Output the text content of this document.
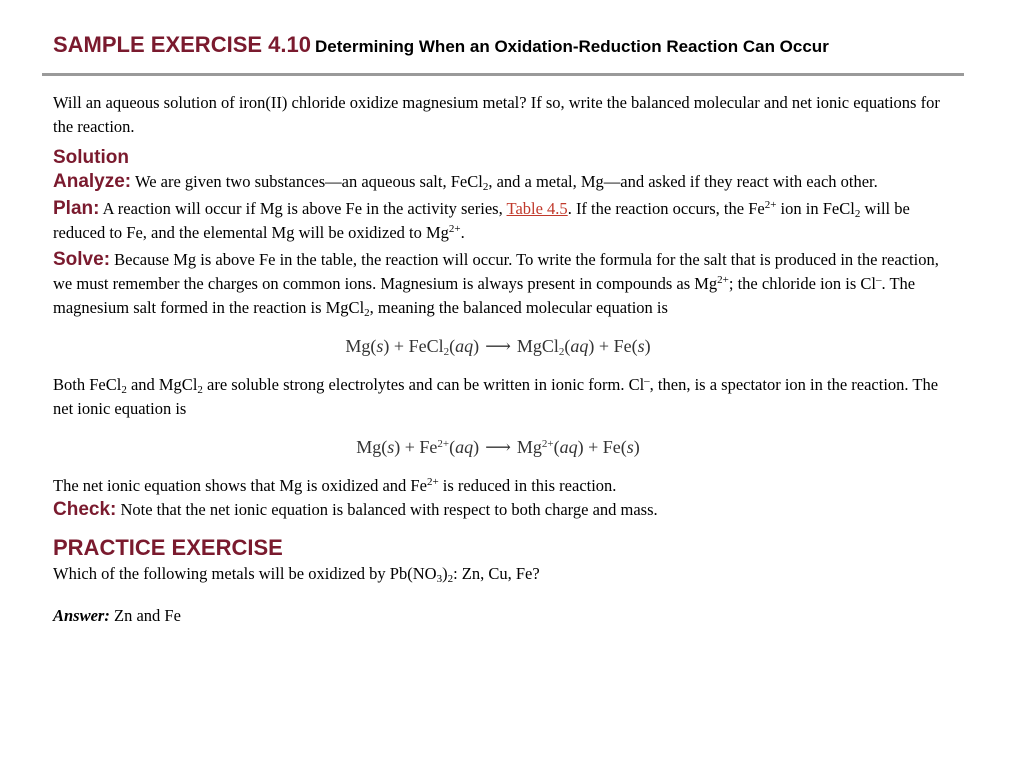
SAMPLE EXERCISE 4.10 Determining When an Oxidation-Reduction Reaction Can Occur

Will an aqueous solution of iron(II) chloride oxidize magnesium metal? If so, write the balanced molecular and net ionic equations for the reaction.

Solution

Analyze: We are given two substances—an aqueous salt, FeCl$_2$, and a metal, Mg—and asked if they react with each other.

Plan: A reaction will occur if Mg is above Fe in the activity series, Table 4.5. If the reaction occurs, the $Fe^{2+}$ ion in FeCl$_2$ will be reduced to Fe, and the elemental Mg will be oxidized to $Mg^{2+}$.

Solve: Because Mg is above Fe in the table, the reaction will occur. To write the formula for the salt that is produced in the reaction, we must remember the charges on common ions. Magnesium is always present in compounds as $Mg^{2+}$; the chloride ion is Cl–. The magnesium salt formed in the reaction is MgCl$_2$, meaning the balanced molecular equation is

Mg(s) + FeCl$_2$(aq) ⟶ MgCl$_2$(aq) + Fe(s)

Both FeCl$_2$ and MgCl$_2$ are soluble strong electrolytes and can be written in ionic form. Cl–, then, is a spectator ion in the reaction. The net ionic equation is

$Mg(s) + Fe^{2+}(aq)$ ⟶ $Mg^{2+}(aq) + Fe(s)$

The net ionic equation shows that Mg is oxidized and $Fe^{2+}$ is reduced in this reaction.

Check: Note that the net ionic equation is balanced with respect to both charge and mass.

PRACTICE EXERCISE

Which of the following metals will be oxidized by $Pb(NO_3)_2$: Zn, Cu, Fe?

Answer: Zn and Fe
